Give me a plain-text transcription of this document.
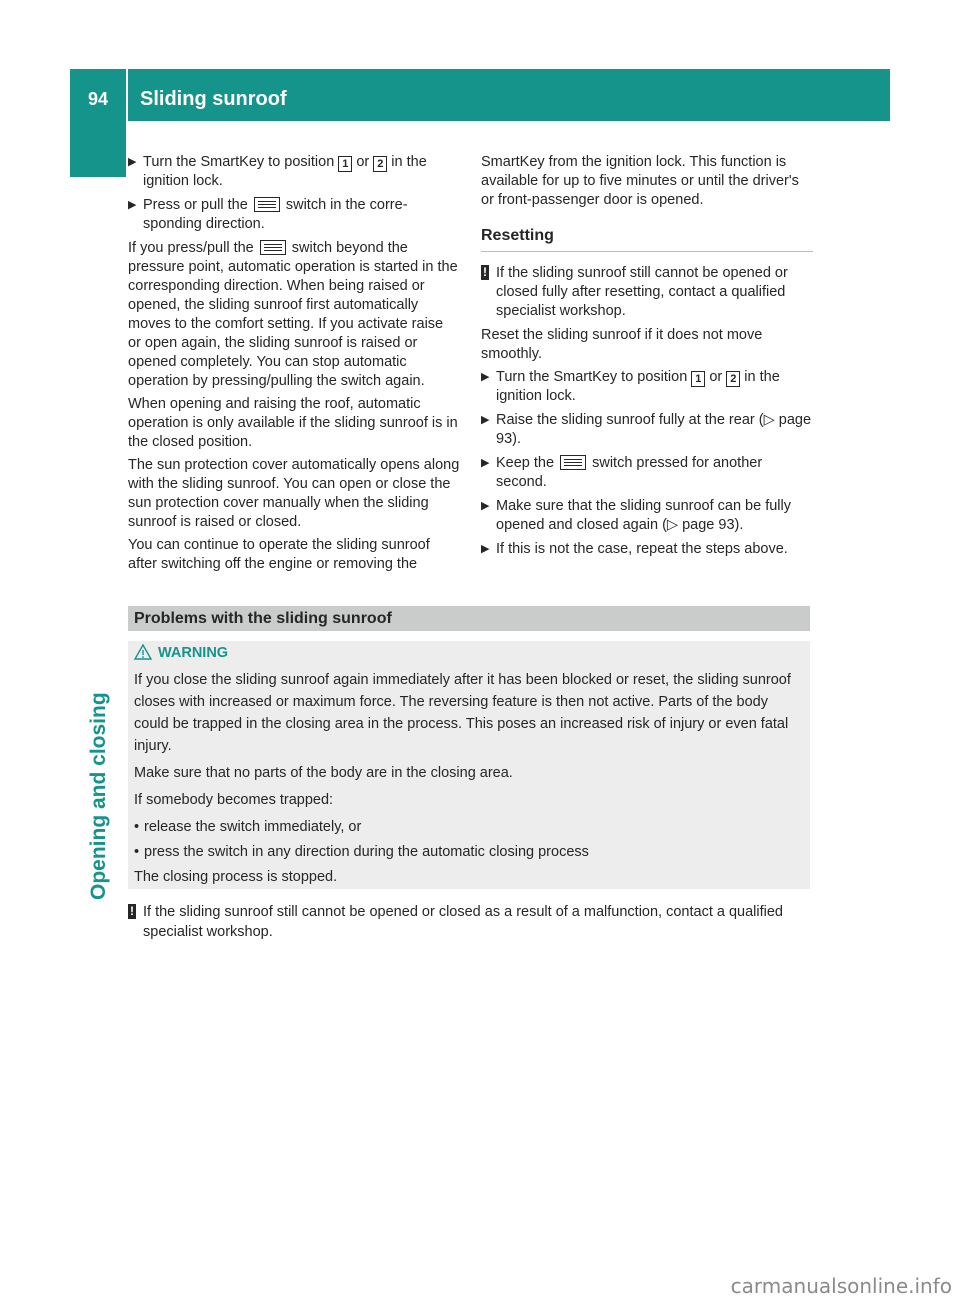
94	Sliding sunroof
Opening and closing
▶ Turn the SmartKey to position 1 or 2 in the ignition lock.
▶ Press or pull the
switch in the corresponding direction.

If you press/pull the
switch beyond the pressure point, automatic operation is started in the corresponding direction. When being raised or opened, the sliding sunroof first automatically moves to the comfort setting. If you activate raise or open again, the sliding sunroof is raised or opened completely. You can stop automatic operation by pressing/pulling the switch again.

When opening and raising the roof, automatic operation is only available if the sliding sunroof is in the closed position.

The sun protection cover automatically opens along with the sliding sunroof. You can open or close the sun protection cover manually when the sliding sunroof is raised or closed.

You can continue to operate the sliding sunroof after switching off the engine or removing the

SmartKey from the ignition lock. This function is available for up to five minutes or until the driver's or front-passenger door is opened.

Resetting
! If the sliding sunroof still cannot be opened or closed fully after resetting, contact a qualified specialist workshop.

Reset the sliding sunroof if it does not move smoothly.

▶ Turn the SmartKey to position 1 or 2 in the ignition lock.
▶ Raise the sliding sunroof fully at the rear (▷ page 93).
▶ Keep the
switch pressed for another second.
▶ Make sure that the sliding sunroof can be fully opened and closed again (▷ page 93).
▶ If this is not the case, repeat the steps above.
Problems with the sliding sunroof
WARNING

If you close the sliding sunroof again immediately after it has been blocked or reset, the sliding sunroof closes with increased or maximum force. The reversing feature is then not active. Parts of the body could be trapped in the closing area in the process. This poses an increased risk of injury or even fatal injury.

Make sure that no parts of the body are in the closing area.

If somebody becomes trapped:

• release the switch immediately, or
• press the switch in any direction during the automatic closing process

The closing process is stopped.

! If the sliding sunroof still cannot be opened or closed as a result of a malfunction, contact a qualified specialist workshop.
carmanualsonline.info
